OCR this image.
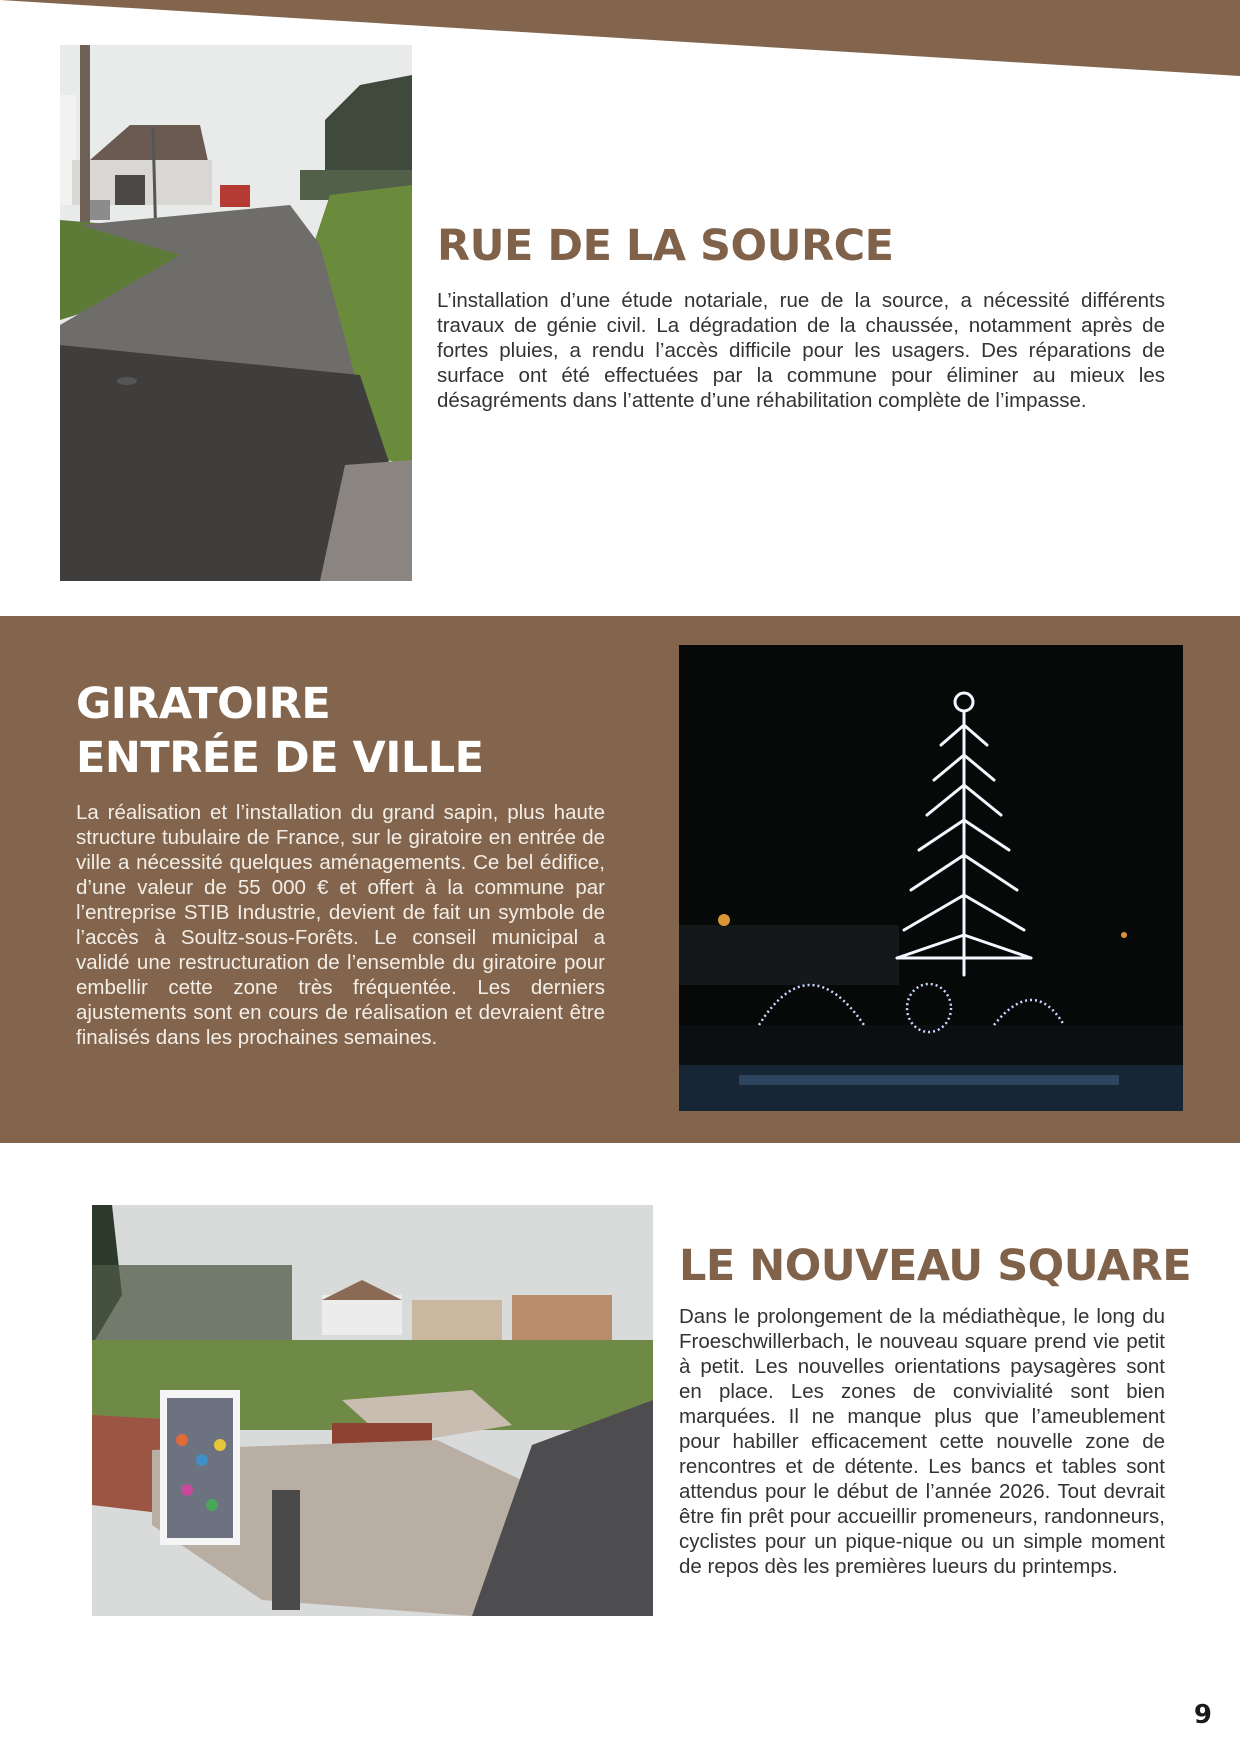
RUE DE LA SOURCE

L’installation d’une étude notariale, rue de la source, a nécessité différents travaux de génie civil. La dégradation de la chaussée, notamment après de fortes pluies, a rendu l’accès difficile pour les usagers. Des réparations de surface ont été effectuées par la commune pour éliminer au mieux les désagréments dans l’attente d’une réhabilitation complète de l’impasse.

GIRATOIRE
ENTRÉE DE VILLE

La réalisation et l’installation du grand sapin, plus haute structure tubulaire de France, sur le giratoire en entrée de ville a nécessité quelques aménagements. Ce bel édifice, d’une valeur de 55 000 € et offert à la commune par l’entreprise STIB Industrie, devient de fait un symbole de l’accès à Soultz-sous-Forêts. Le conseil municipal a validé une restructuration de l’ensemble du giratoire pour embellir cette zone très fréquentée. Les derniers ajustements sont en cours de réalisation et devraient être finalisés dans les prochaines semaines.

LE NOUVEAU SQUARE

Dans le prolongement de la médiathèque, le long du Froeschwillerbach, le nouveau square prend vie petit à petit. Les nouvelles orientations paysagères sont en place. Les zones de convivialité sont bien marquées. Il ne manque plus que l’ameublement pour habiller efficacement cette nouvelle zone de rencontres et de détente. Les bancs et tables sont attendus pour le début de l’année 2026. Tout devrait être fin prêt pour accueillir promeneurs, randonneurs, cyclistes pour un pique-nique ou un simple moment de repos dès les premières lueurs du printemps.

9
